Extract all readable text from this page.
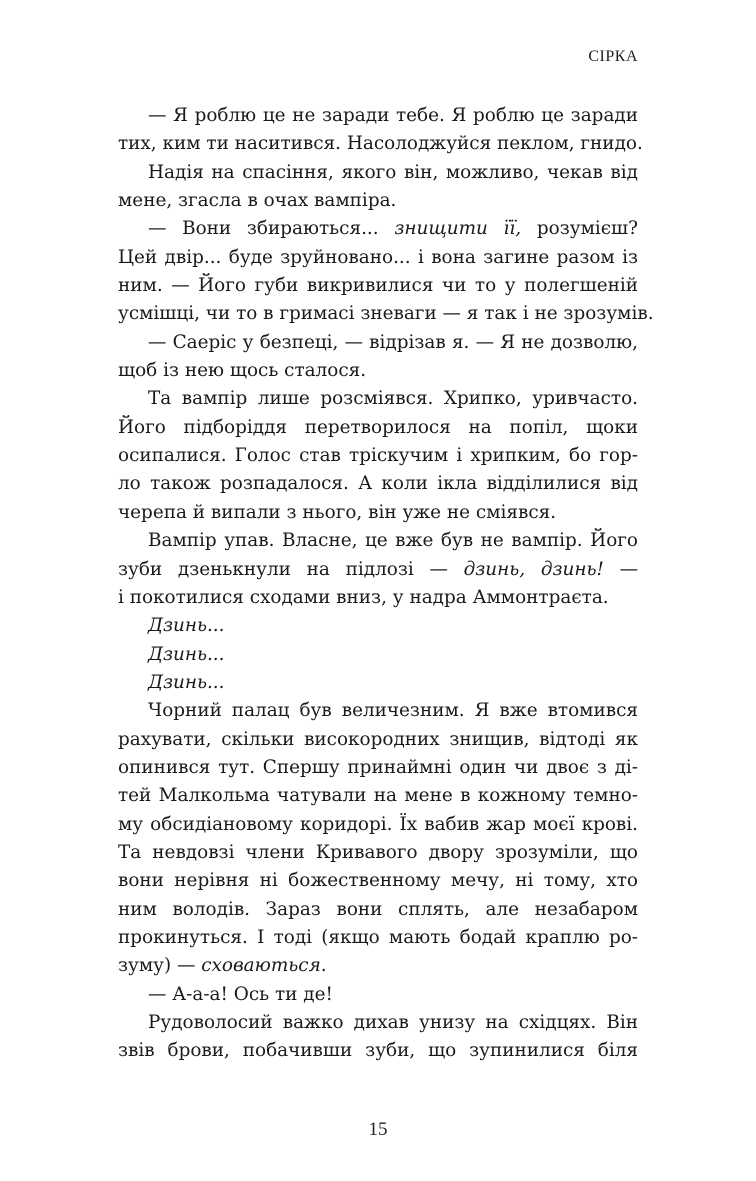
СІРКА
— Я роблю це не заради тебе. Я роблю це заради
тих, ким ти наситився. Насолоджуйся пеклом, гнидо.
Надія на спасіння, якого він, можливо, чекав від
мене, згасла в очах вампіра.
— Вони збираються... знищити її, розумієш?
Цей двір... буде зруйновано... і вона загине разом із
ним. — Його губи викривилися чи то у полегшеній
усмішці, чи то в гримасі зневаги — я так і не зрозумів.
— Саеріс у безпеці, — відрізав я. — Я не дозволю,
щоб із нею щось сталося.
Та вампір лише розсміявся. Хрипко, уривчасто.
Його підборіддя перетворилося на попіл, щоки
осипалися. Голос став тріскучим і хрипким, бо гор-
ло також розпадалося. А коли ікла відділилися від
черепа й випали з нього, він уже не сміявся.
Вампір упав. Власне, це вже був не вампір. Його
зуби дзенькнули на підлозі — дзинь, дзинь! —
і покотилися сходами вниз, у надра Аммонтраєта.
Дзинь...
Дзинь...
Дзинь...
Чорний палац був величезним. Я вже втомився
рахувати, скільки високородних знищив, відтоді як
опинився тут. Спершу принаймні один чи двоє з ді-
тей Малкольма чатували на мене в кожному темно-
му обсидіановому коридорі. Їх вабив жар моєї крові.
Та невдовзі члени Кривавого двору зрозуміли, що
вони нерівня ні божественному мечу, ні тому, хто
ним володів. Зараз вони сплять, але незабаром
прокинуться. І тоді (якщо мають бодай краплю ро-
зуму) — сховаються.
— А-а-а! Ось ти де!
Рудоволосий важко дихав унизу на східцях. Він
звів брови, побачивши зуби, що зупинилися біля
15
